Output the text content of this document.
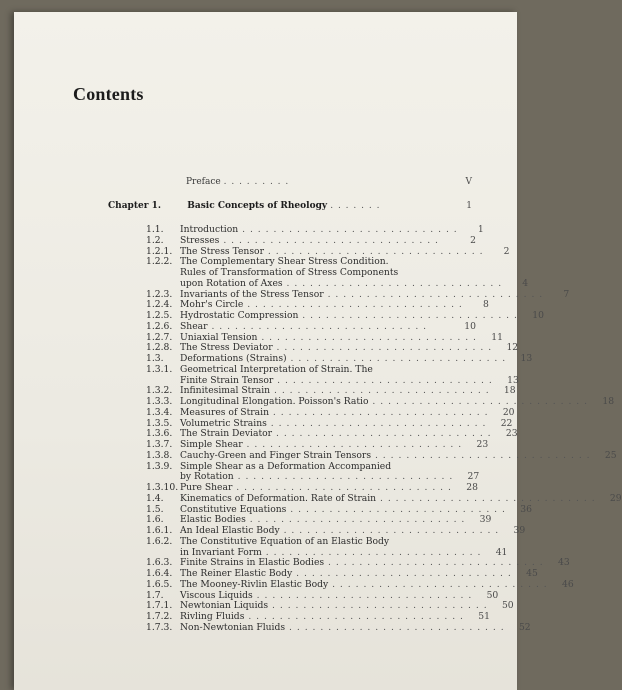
Contents
Preface . . . . . . . . .	V
Chapter 1.	Basic Concepts of Rheology . . . . . . .	1
1.1.	Introduction . . . . . . . . . . . . . . . . . . . . . . . . . . . .	1
1.2.	Stresses . . . . . . . . . . . . . . . . . . . . . . . . . . . .	2
1.2.1. The Stress Tensor . . . . . . . . . . . . . . . . . . . . . . . . . . . .	2
1.2.2. The Complementary Shear Stress Condition.
Rules of Transformation of Stress Components
upon Rotation of Axes . . . . . . . . . . . . . . . . . . . . . . . . . . . .	4
1.2.3. Invariants of the Stress Tensor . . . . . . . . . . . . . . . . . . . . . . . . . . . .	7
1.2.4. Mohr's Circle . . . . . . . . . . . . . . . . . . . . . . . . . . . .	8
1.2.5. Hydrostatic Compression . . . . . . . . . . . . . . . . . . . . . . . . . . . .	10
1.2.6. Shear . . . . . . . . . . . . . . . . . . . . . . . . . . . .	10
1.2.7. Uniaxial Tension . . . . . . . . . . . . . . . . . . . . . . . . . . . .	11
1.2.8. The Stress Deviator . . . . . . . . . . . . . . . . . . . . . . . . . . . .	12
1.3.	Deformations (Strains) . . . . . . . . . . . . . . . . . . . . . . . . . . . .	13
1.3.1. Geometrical Interpretation of Strain. The
Finite Strain Tensor . . . . . . . . . . . . . . . . . . . . . . . . . . . .	13
1.3.2. Infinitesimal Strain . . . . . . . . . . . . . . . . . . . . . . . . . . . .	18
1.3.3. Longitudinal Elongation. Poisson's Ratio . . . . . . . . . . . . . . . . . . . . . . . . . . . .	18
1.3.4. Measures of Strain . . . . . . . . . . . . . . . . . . . . . . . . . . . .	20
1.3.5. Volumetric Strains . . . . . . . . . . . . . . . . . . . . . . . . . . . .	22
1.3.6. The Strain Deviator . . . . . . . . . . . . . . . . . . . . . . . . . . . .	23
1.3.7. Simple Shear . . . . . . . . . . . . . . . . . . . . . . . . . . . .	23
1.3.8. Cauchy-Green and Finger Strain Tensors . . . . . . . . . . . . . . . . . . . . . . . . . . . .	25
1.3.9. Simple Shear as a Deformation Accompanied
by Rotation . . . . . . . . . . . . . . . . . . . . . . . . . . . .	27
1.3.10. Pure Shear . . . . . . . . . . . . . . . . . . . . . . . . . . . .	28
1.4.	Kinematics of Deformation. Rate of Strain . . . . . . . . . . . . . . . . . . . . . . . . . . . .	29
1.5.	Constitutive Equations . . . . . . . . . . . . . . . . . . . . . . . . . . . .	36
1.6.	Elastic Bodies . . . . . . . . . . . . . . . . . . . . . . . . . . . .	39
1.6.1. An Ideal Elastic Body . . . . . . . . . . . . . . . . . . . . . . . . . . . .	39
1.6.2. The Constitutive Equation of an Elastic Body
in Invariant Form . . . . . . . . . . . . . . . . . . . . . . . . . . . .	41
1.6.3. Finite Strains in Elastic Bodies . . . . . . . . . . . . . . . . . . . . . . . . . . . .	43
1.6.4. The Reiner Elastic Body . . . . . . . . . . . . . . . . . . . . . . . . . . . .	45
1.6.5. The Mooney-Rivlin Elastic Body . . . . . . . . . . . . . . . . . . . . . . . . . . . .	46
1.7.	Viscous Liquids . . . . . . . . . . . . . . . . . . . . . . . . . . . .	50
1.7.1. Newtonian Liquids . . . . . . . . . . . . . . . . . . . . . . . . . . . .	50
1.7.2. Rivling Fluids . . . . . . . . . . . . . . . . . . . . . . . . . . . .	51
1.7.3. Non-Newtonian Fluids . . . . . . . . . . . . . . . . . . . . . . . . . . . .	52
